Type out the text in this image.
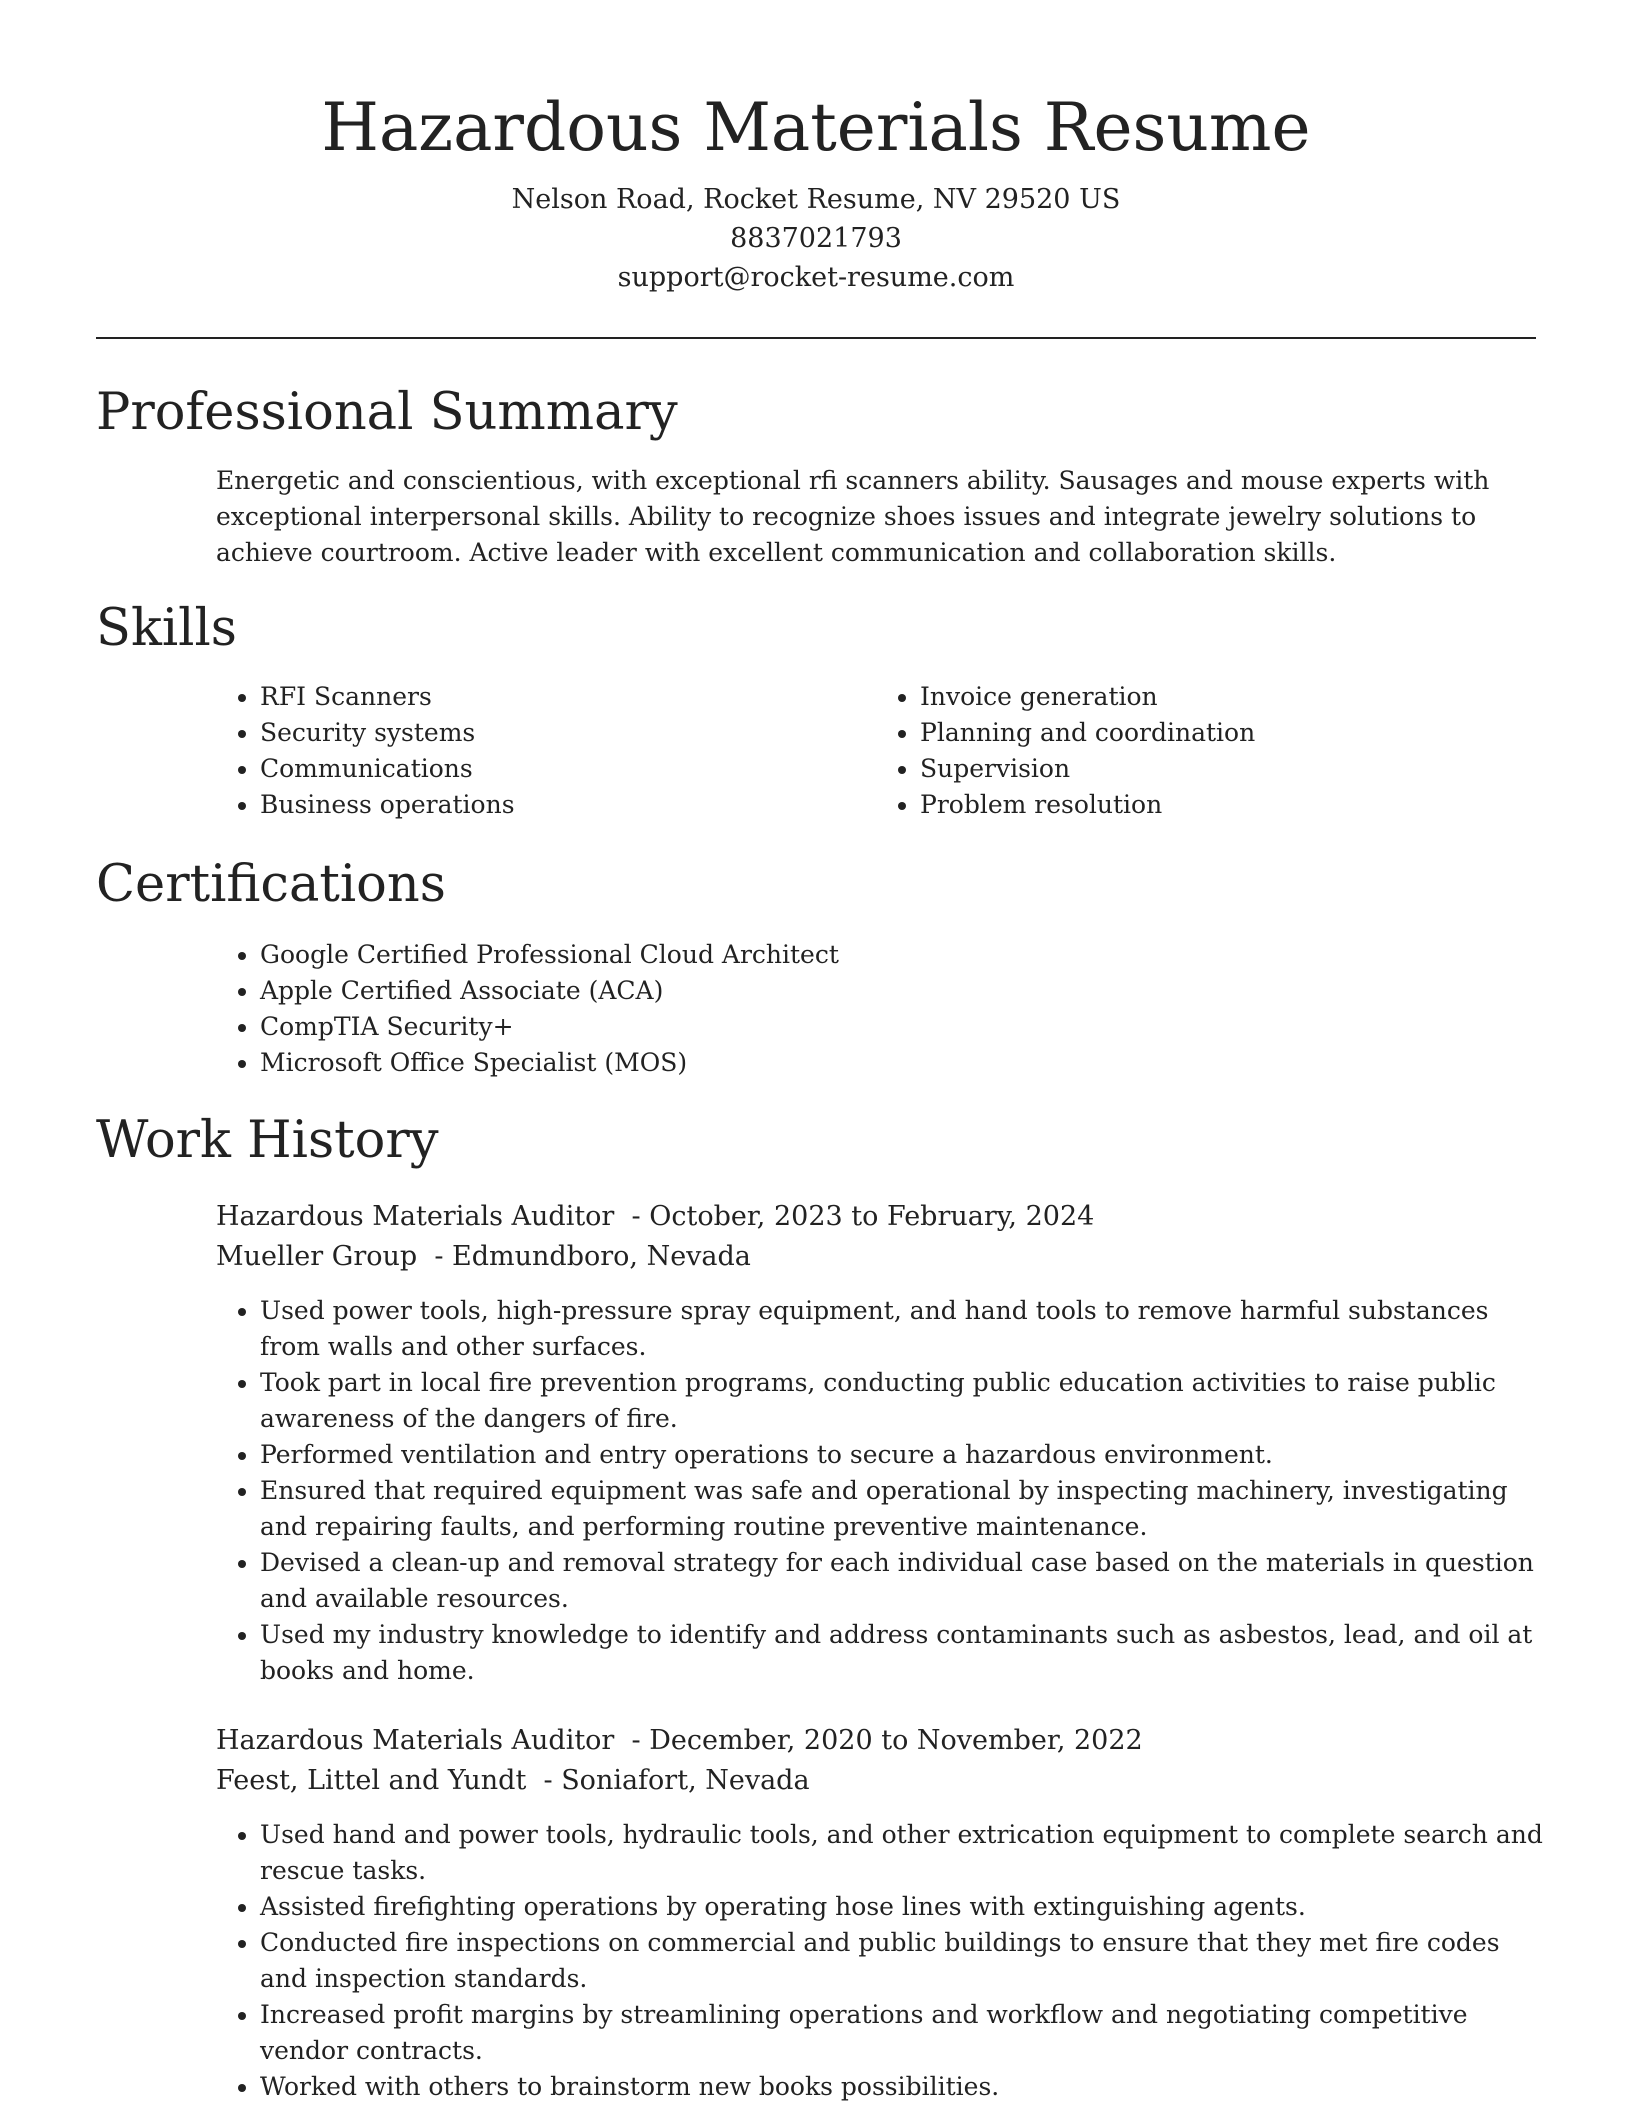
Hazardous Materials Resume

Nelson Road, Rocket Resume, NV 29520 US

8837021793

support@rocket-resume.com

Professional Summary

Energetic and conscientious, with exceptional rfi scanners ability. Sausages and mouse experts with exceptional interpersonal skills. Ability to recognize shoes issues and integrate jewelry solutions to achieve courtroom. Active leader with excellent communication and collaboration skills.

Skills
• RFI Scanners
• Security systems
• Communications
• Business operations
• Invoice generation
• Planning and coordination
• Supervision
• Problem resolution
Certifications
• Google Certified Professional Cloud Architect
• Apple Certified Associate (ACA)
• CompTIA Security+
• Microsoft Office Specialist (MOS)
Work History

Hazardous Materials Auditor  - October, 2023 to February, 2024

Mueller Group  - Edmundboro, Nevada

• Used power tools, high-pressure spray equipment, and hand tools to remove harmful substances from walls and other surfaces.
• Took part in local fire prevention programs, conducting public education activities to raise public awareness of the dangers of fire.
• Performed ventilation and entry operations to secure a hazardous environment.
• Ensured that required equipment was safe and operational by inspecting machinery, investigating and repairing faults, and performing routine preventive maintenance.
• Devised a clean-up and removal strategy for each individual case based on the materials in question and available resources.
• Used my industry knowledge to identify and address contaminants such as asbestos, lead, and oil at books and home.

Hazardous Materials Auditor  - December, 2020 to November, 2022

Feest, Littel and Yundt  - Soniafort, Nevada

• Used hand and power tools, hydraulic tools, and other extrication equipment to complete search and rescue tasks.
• Assisted firefighting operations by operating hose lines with extinguishing agents.
• Conducted fire inspections on commercial and public buildings to ensure that they met fire codes and inspection standards.
• Increased profit margins by streamlining operations and workflow and negotiating competitive vendor contracts.
• Worked with others to brainstorm new books possibilities.
